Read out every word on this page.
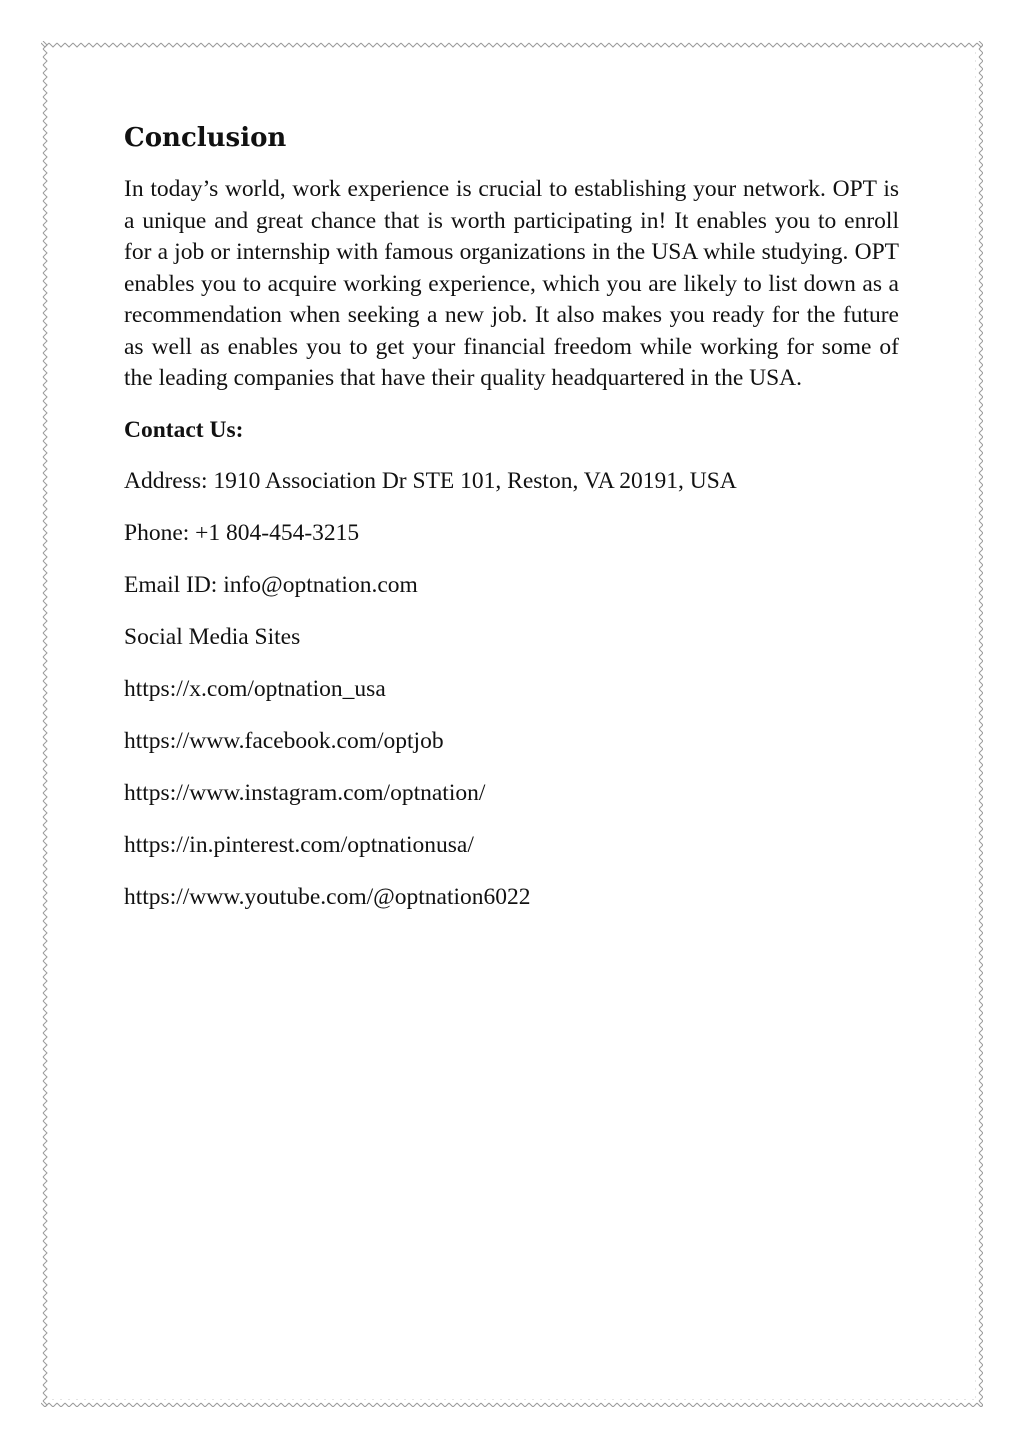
Conclusion

In today’s world, work experience is crucial to establishing your network. OPT is a unique and great chance that is worth participating in! It enables you to enroll for a job or internship with famous organizations in the USA while studying. OPT enables you to acquire working experience, which you are likely to list down as a recommendation when seeking a new job. It also makes you ready for the future as well as enables you to get your financial freedom while working for some of the leading companies that have their quality headquartered in the USA.

Contact Us:
Address: 1910 Association Dr STE 101, Reston, VA 20191, USA
Phone: +1 804-454-3215
Email ID: info@optnation.com
Social Media Sites
https://x.com/optnation_usa
https://www.facebook.com/optjob
https://www.instagram.com/optnation/
https://in.pinterest.com/optnationusa/
https://www.youtube.com/@optnation6022
